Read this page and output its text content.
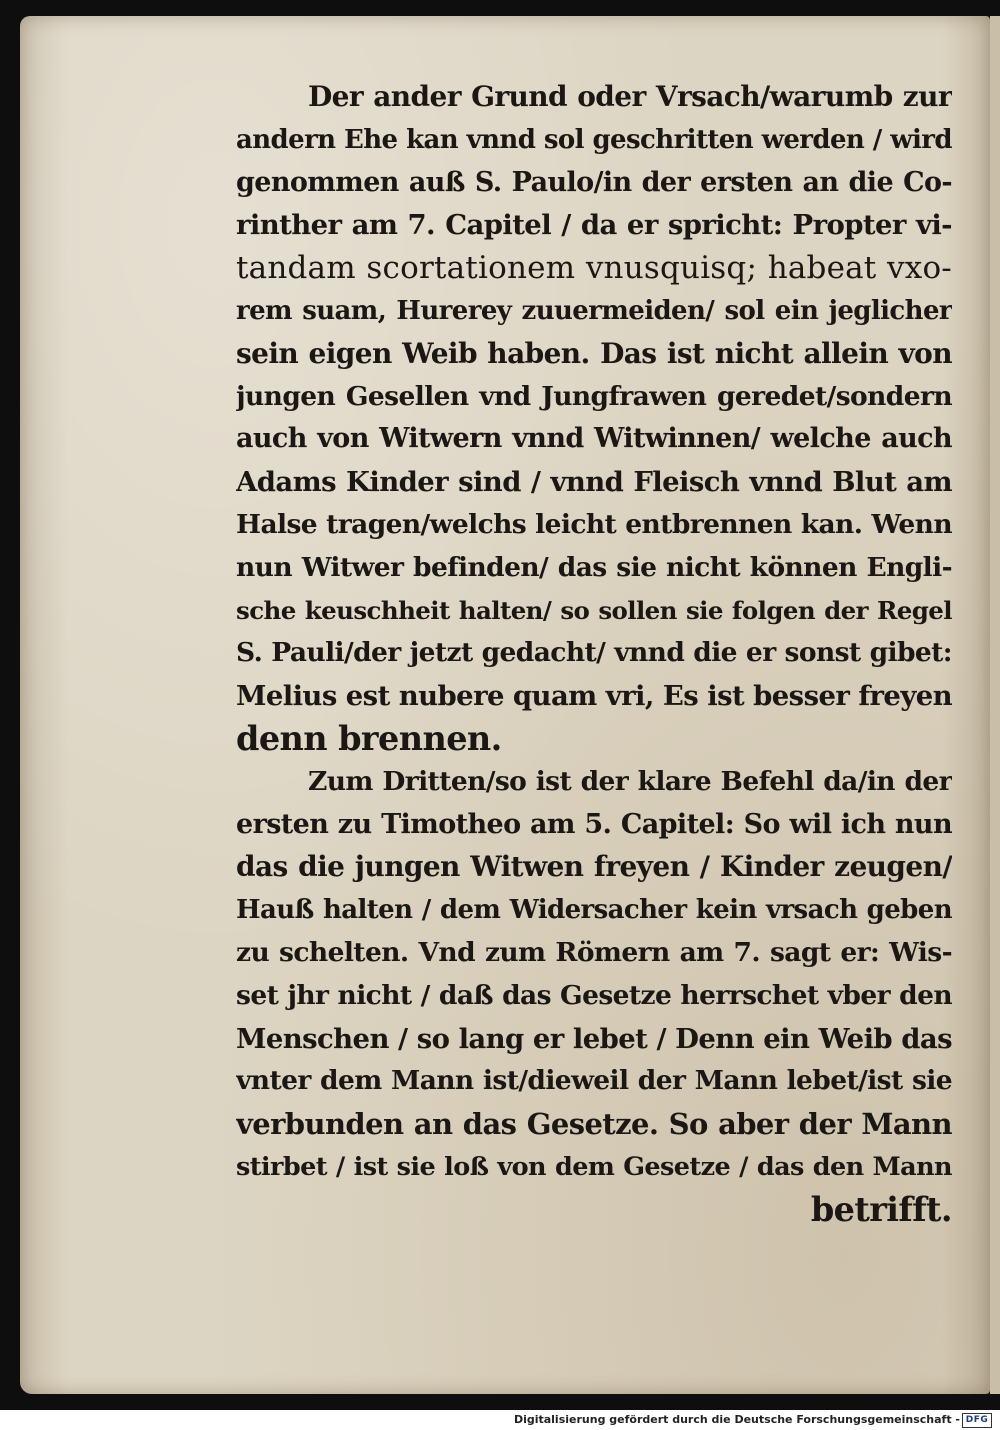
Der ander Grund oder Vrsach/warumb zur
andern Ehe kan vnnd sol geschritten werden / wird
genommen auß S. Paulo/in der ersten an die Co-
rinther am 7. Capitel / da er spricht: Propter vi-
tandam scortationem vnusquisq; habeat vxo-
rem suam, Hurerey zuuermeiden/ sol ein jeglicher
sein eigen Weib haben. Das ist nicht allein von
jungen Gesellen vnd Jungfrawen geredet/sondern
auch von Witwern vnnd Witwinnen/ welche auch
Adams Kinder sind / vnnd Fleisch vnnd Blut am
Halse tragen/welchs leicht entbrennen kan. Wenn
nun Witwer befinden/ das sie nicht können Engli-
sche keuschheit halten/ so sollen sie folgen der Regel
S. Pauli/der jetzt gedacht/ vnnd die er sonst gibet:
Melius est nubere quam vri, Es ist besser freyen
denn brennen.
Zum Dritten/so ist der klare Befehl da/in der
ersten zu Timotheo am 5. Capitel: So wil ich nun
das die jungen Witwen freyen / Kinder zeugen/
Hauß halten / dem Widersacher kein vrsach geben
zu schelten. Vnd zum Römern am 7. sagt er: Wis-
set jhr nicht / daß das Gesetze herrschet vber den
Menschen / so lang er lebet / Denn ein Weib das
vnter dem Mann ist/dieweil der Mann lebet/ist sie
verbunden an das Gesetze. So aber der Mann
stirbet / ist sie loß von dem Gesetze / das den Mann
betrifft.
Digitalisierung gefördert durch die Deutsche Forschungsgemeinschaft - DFG
